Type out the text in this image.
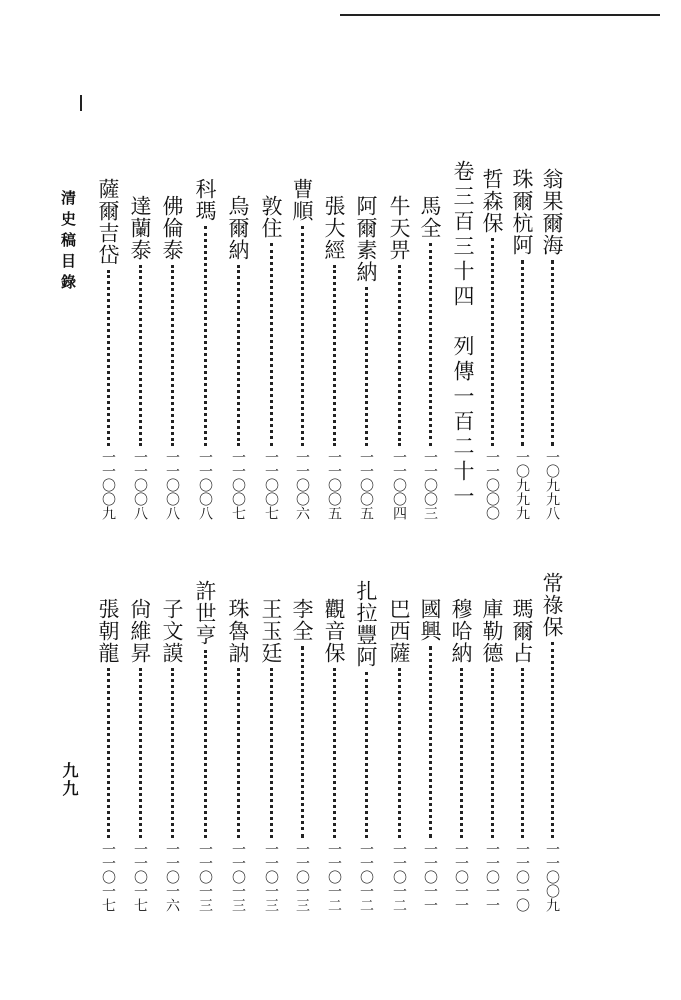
清史稿目錄
九九
翁果爾海
一〇九九八
珠爾杭阿
一〇九九九
哲森保
一一〇〇〇
卷三百三十四　列傳一百二十一
馬全
一一〇〇三
牛天畀
一一〇〇四
阿爾素納
一一〇〇五
張大經
一一〇〇五
曹順
一一〇〇六
敦住
一一〇〇七
烏爾納
一一〇〇七
科瑪
一一〇〇八
佛倫泰
一一〇〇八
達蘭泰
一一〇〇八
薩爾吉岱
一一〇〇九
常祿保
一一〇〇九
瑪爾占
一一〇一〇
庫勒德
一一〇一一
穆哈納
一一〇一一
國興
一一〇一一
巴西薩
一一〇一二
扎拉豐阿
一一〇一二
觀音保
一一〇一二
李全
一一〇一三
王玉廷
一一〇一三
珠魯訥
一一〇一三
許世亨
一一〇一三
子文謨
一一〇一六
尙維昇
一一〇一七
張朝龍
一一〇一七
